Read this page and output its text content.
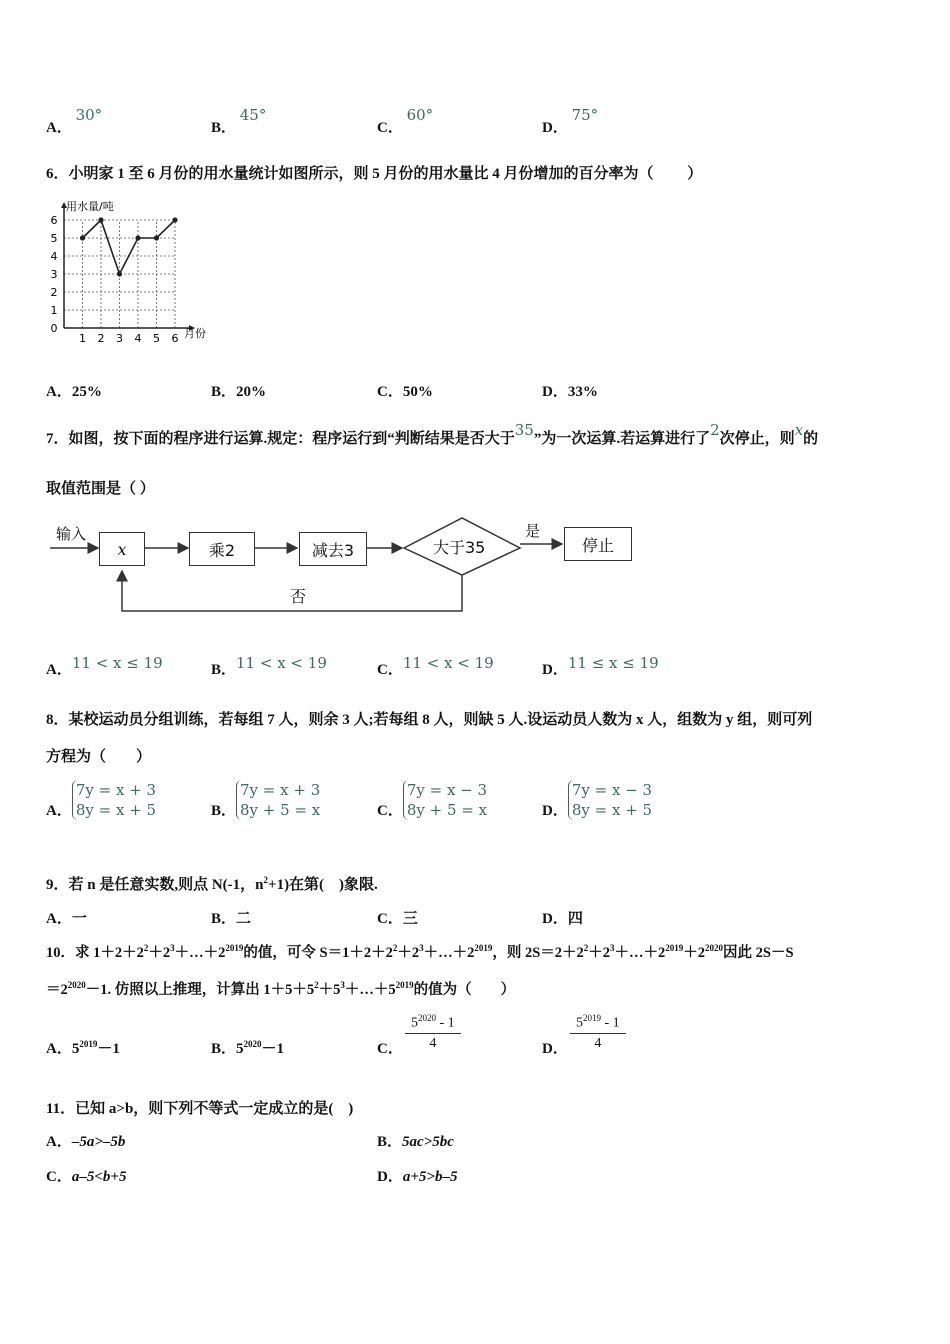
A． 30°
B． 45°
C． 60°
D． 75°
6．小明家 1 至 6 月份的用水量统计如图所示，则 5 月份的用水量比 4 月份增加的百分率为（　　 ）
0
1
2
3
4
5
6
1 2 3 4 5 6
用水量/吨
月份
A．25%	B．20%	C．50%	D．33%
7．如图，按下面的程序进行运算.规定：程序运行到“判断结果是否大于35”为一次运算.若运算进行了2次停止，则x的
取值范围是（ ）
输入
x	乘2	减去3	大于35
是
停止
否
A．11 < x ≤ 19	B．11 < x < 19	C．11 < x < 19	D．11 ≤ x ≤ 19
8．某校运动员分组训练，若每组 7 人，则余 3 人;若每组 8 人，则缺 5 人.设运动员人数为 x 人，组数为 y 组，则可列
方程为（　　）
A．
7y = x + 3
8y = x + 5	B．
7y = x + 3
8y + 5 = x	C．
7y = x − 3
8y + 5 = x	D．
7y = x − 3
8y = x + 5
9．若 n 是任意实数,则点 N(-1，$n^2+1$)在第(　)象限.
A．一	B．二	C．三	D．四
10．求 $1+2+2^2+2^3+\dots+2^{2019}$的值，可令 $S=1+2+2^2+2^3+\dots+2^{2019}$，则 $2S=2+2^2+2^3+\dots+2^{2019}+2^{2020}$因此 2S－S
$=2^{2020}-1$. 仿照以上推理，计算出 $1+5+5^2+5^3+\dots+5^{2019}$的值为（　　）
A．$5^{2019}-1$	B．$5^{2020}-1$	C． $\frac{5^{2020} - 1}{4}$	D． $\frac{5^{2019} - 1}{4}$
11．已知 a>b，则下列不等式一定成立的是(　)
A．–5a>–5b	B．5ac>5bc
C．a–5<b+5	D．a+5>b–5
